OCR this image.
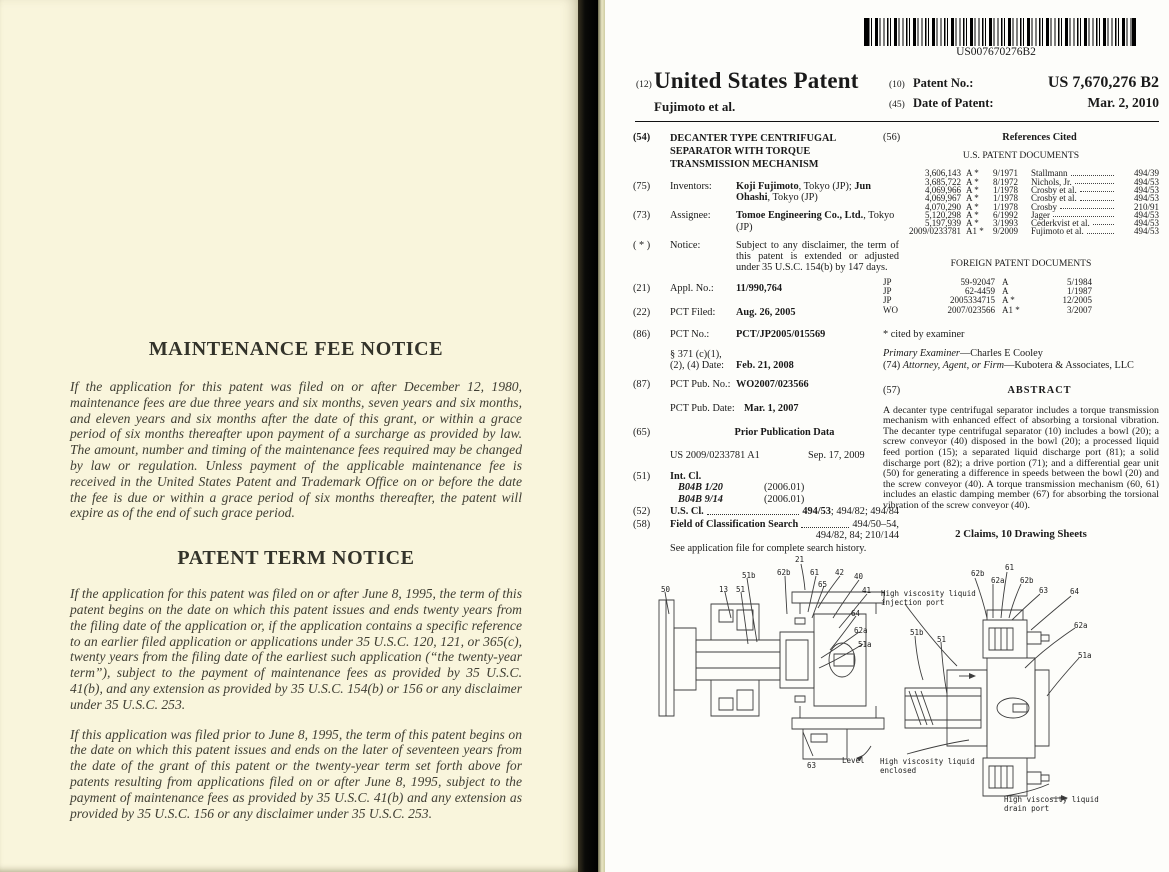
MAINTENANCE FEE NOTICE

If the application for this patent was filed on or after December 12, 1980, maintenance fees are due three years and six months, seven years and six months, and eleven years and six months after the date of this grant, or within a grace period of six months thereafter upon payment of a surcharge as provided by law. The amount, number and timing of the maintenance fees required may be changed by law or regulation. Unless payment of the applicable maintenance fee is received in the United States Patent and Trademark Office on or before the date the fee is due or within a grace period of six months thereafter, the patent will expire as of the end of such grace period.

PATENT TERM NOTICE

If the application for this patent was filed on or after June 8, 1995, the term of this patent begins on the date on which this patent issues and ends twenty years from the filing date of the application or, if the application contains a specific reference to an earlier filed application or applications under 35 U.S.C. 120, 121, or 365(c), twenty years from the filing date of the earliest such application (“the twenty-year term”), subject to the payment of maintenance fees as provided by 35 U.S.C. 41(b), and any extension as provided by 35 U.S.C. 154(b) or 156 or any disclaimer under 35 U.S.C. 253.

If this application was filed prior to June 8, 1995, the term of this patent begins on the date on which this patent issues and ends on the later of seventeen years from the date of the grant of this patent or the twenty-year term set forth above for patents resulting from applications filed on or after June 8, 1995, subject to the payment of maintenance fees as provided by 35 U.S.C. 41(b) and any extension as provided by 35 U.S.C. 156 or any disclaimer under 35 U.S.C. 253.

US007670276B2
(12) United States Patent
Fujimoto et al.
(10) Patent No.:	US 7,670,276 B2
(45) Date of Patent:	Mar. 2, 2010
(54)	DECANTER TYPE CENTRIFUGAL SEPARATOR WITH TORQUE TRANSMISSION MECHANISM
(75)	Inventors:	Koji Fujimoto, Tokyo (JP); Jun Ohashi, Tokyo (JP)
(73)	Assignee:	Tomoe Engineering Co., Ltd., Tokyo (JP)
( * )	Notice:	Subject to any disclaimer, the term of this patent is extended or adjusted under 35 U.S.C. 154(b) by 147 days.
(21)	Appl. No.:	11/990,764
(22)	PCT Filed:	Aug. 26, 2005
(86)	PCT No.:	PCT/JP2005/015569
§ 371 (c)(1),
(2), (4) Date:	Feb. 21, 2008
(87)	PCT Pub. No.: WO2007/023566
PCT Pub. Date: Mar. 1, 2007
(65)	Prior Publication Data
US 2009/0233781 A1	Sep. 17, 2009
(51)	Int. Cl.
B04B 1/20	(2006.01)
B04B 9/14	(2006.01)
(52)	U.S. Cl.	494/53; 494/82; 494/84
(58)	Field of Classification Search	494/50–54,
494/82, 84; 210/144
See application file for complete search history.
(56)	References Cited
U.S. PATENT DOCUMENTS
3,606,143 A *	9/1971	Stallmann	494/39
3,685,722 A *	8/1972	Nichols, Jr.	494/53
4,069,966 A *	1/1978	Crosby et al.	494/53
4,069,967 A *	1/1978	Crosby et al.	494/53
4,070,290 A *	1/1978	Crosby	210/91
5,120,298 A *	6/1992	Jager	494/53
5,197,939 A *	3/1993	Cederkvist et al.	494/53
2009/0233781 A1 *	9/2009	Fujimoto et al.	494/53
FOREIGN PATENT DOCUMENTS
JP	59-92047 A	5/1984
JP	62-4459 A	1/1987
JP	2005334715 A *	12/2005
WO	2007/023566 A1 *	3/2007
* cited by examiner
Primary Examiner—Charles E Cooley
(74) Attorney, Agent, or Firm—Kubotera & Associates, LLC
(57)	ABSTRACT
A decanter type centrifugal separator includes a torque transmission mechanism with enhanced effect of absorbing a torsional vibration. The decanter type centrifugal separator (10) includes a bowl (20); a screw conveyor (40) disposed in the bowl (20); a processed liquid feed portion (15); a separated liquid discharge port (81); a solid discharge port (82); a drive portion (71); and a differential gear unit (50) for generating a difference in speeds between the bowl (20) and the screw conveyor (40). A torque transmission mechanism (60, 61) includes an elastic damping member (67) for absorbing the torsional vibration of the screw conveyor (40).
2 Claims, 10 Drawing Sheets
50	13
51b
51
62b
21
61
65
42 40
41
64
62a
51a
63
Level
62b
62a
61
62b
63	64
62a
51a
51b
51
High viscosity liquid injection port
High viscosity liquid enclosed
High viscosity liquid drain port
